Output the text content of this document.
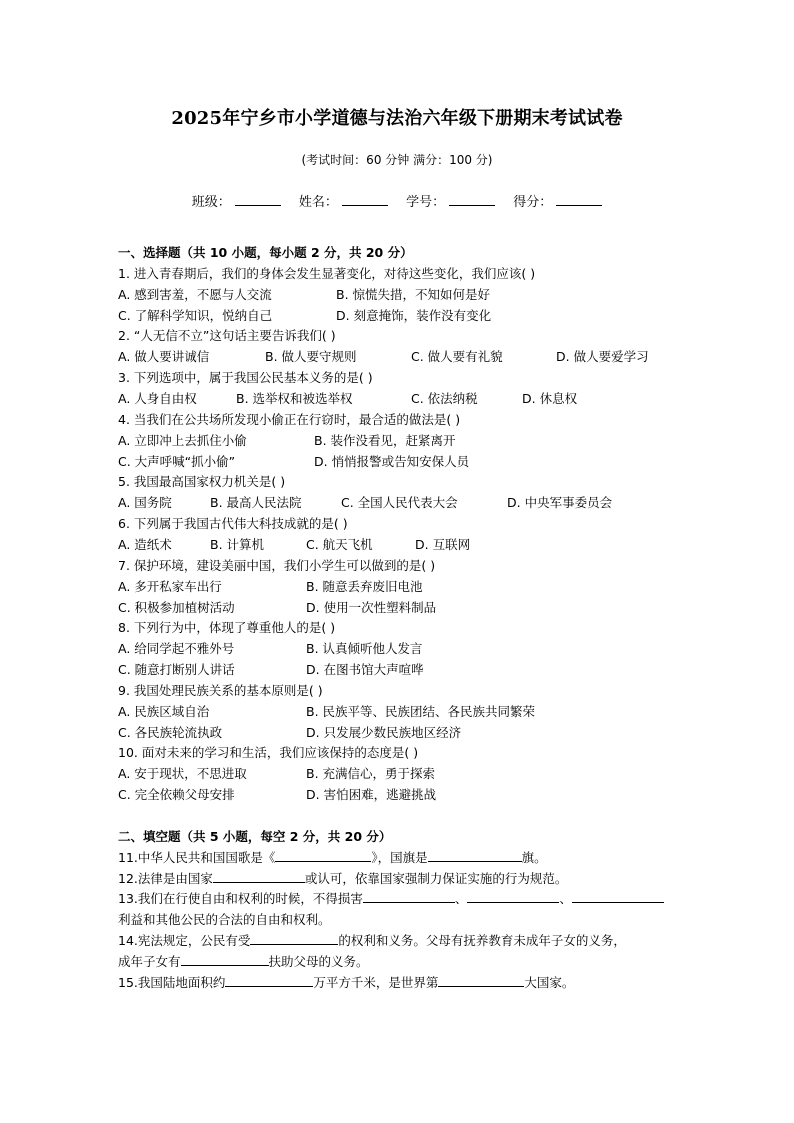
2025年宁乡市小学道德与法治六年级下册期末考试试卷
(考试时间：60 分钟 满分：100 分)
班级：	姓名：	学号：	得分：
一、选择题（共 10 小题，每小题 2 分，共 20 分）
1. 进入青春期后，我们的身体会发生显著变化，对待这些变化，我们应该( )
A. 感到害羞，不愿与人交流	B. 惊慌失措，不知如何是好
C. 了解科学知识，悦纳自己	D. 刻意掩饰，装作没有变化
2. “人无信不立”这句话主要告诉我们( )
A. 做人要讲诚信	B. 做人要守规则	C. 做人要有礼貌	D. 做人要爱学习
3. 下列选项中，属于我国公民基本义务的是( )
A. 人身自由权	B. 选举权和被选举权	C. 依法纳税	D. 休息权
4. 当我们在公共场所发现小偷正在行窃时，最合适的做法是( )
A. 立即冲上去抓住小偷	B. 装作没看见，赶紧离开
C. 大声呼喊“抓小偷”	D. 悄悄报警或告知安保人员
5. 我国最高国家权力机关是( )
A. 国务院	B. 最高人民法院	C. 全国人民代表大会	D. 中央军事委员会
6. 下列属于我国古代伟大科技成就的是( )
A. 造纸术	B. 计算机	C. 航天飞机	D. 互联网
7. 保护环境，建设美丽中国，我们小学生可以做到的是( )
A. 多开私家车出行	B. 随意丢弃废旧电池
C. 积极参加植树活动	D. 使用一次性塑料制品
8. 下列行为中，体现了尊重他人的是( )
A. 给同学起不雅外号	B. 认真倾听他人发言
C. 随意打断别人讲话	D. 在图书馆大声喧哗
9. 我国处理民族关系的基本原则是( )
A. 民族区域自治	B. 民族平等、民族团结、各民族共同繁荣
C. 各民族轮流执政	D. 只发展少数民族地区经济
10. 面对未来的学习和生活，我们应该保持的态度是( )
A. 安于现状，不思进取	B. 充满信心，勇于探索
C. 完全依赖父母安排	D. 害怕困难，逃避挑战
二、填空题（共 5 小题，每空 2 分，共 20 分）
11.中华人民共和国国歌是《	》，国旗是	旗。
12.法律是由国家	或认可，依靠国家强制力保证实施的行为规范。
13.我们在行使自由和权利的时候，不得损害	、	、
利益和其他公民的合法的自由和权利。
14.宪法规定，公民有受	的权利和义务。父母有抚养教育未成年子女的义务，
成年子女有	扶助父母的义务。
15.我国陆地面积约	万平方千米，是世界第	大国家。
